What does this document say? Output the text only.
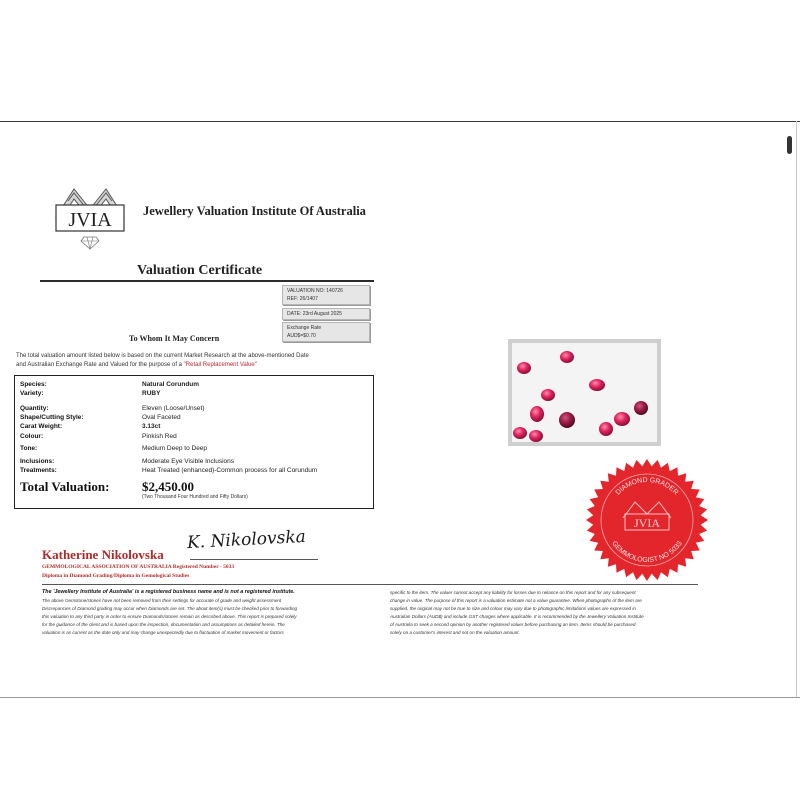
JVIA	Jewellery Valuation Institute Of Australia
Valuation Certificate
VALUATION NO: 140726
REF: 26/1407
DATE: 23rd August 2025
Exchange Rate
AUD$=$0.70
To Whom It May Concern
The total valuation amount listed below is based on the current Market Research at the above-mentioned Date
and Australian Exchange Rate and Valued for the purpose of a "Retail Replacement Value"
Species:	Natural Corundum
Variety:	RUBY
Quantity:	Eleven (Loose/Unset)
Shape/Cutting Style:	Oval Faceted
Carat Weight:	3.13ct
Colour:	Pinkish Red
Tone:	Medium Deep to Deep
Inclusions:	Moderate Eye Visible Inclusions
Treatments:	Heat Treated (enhanced)-Common process for all Corundum
Total Valuation:	$2,450.00
(Two Thousand Four Hundred and Fifty Dollars)
DIAMOND GRADER
GEMMOLOGIST NO 5033
JVIA
Katherine Nikolovska
K. Nikolovska
GEMMOLOGICAL ASSOCIATION OF AUSTRALIA Registered Number - 5033
Diploma in Diamond Grading/Diploma in Gemological Studies
The 'Jewellery Institute of Australia' is a registered business name and is not a registered institute.
The above Gemstone/stones have not been removed from their settings for accurate of grade and weight assessment
Discrepancies of Diamond grading may occur when Diamonds are set. The about item(s) must be checked prior to forwarding
this valuation to any third party in order to ensure Diamonds/stones remain as described above. This report is prepared solely
for the guidance of the client and is based upon the inspection, documentation and assumptions as detailed herein. The
valuation is as current as the date only and may change unexpectedly due to fluctuation of market movement or factors
specific to the item. The valuer cannot accept any liability for losses due to reliance on this report and for any subsequent
change in value. The purpose of this report is a valuation estimate not a value guarantee. When photographs of the item are
supplied, the original may not be true to size and colour may vary due to photographic limitations values are expressed in
Australian Dollars (AUD$) and include GST charges where applicable. It is recommended by the Jewellery Valuation Institute
of Australia to seek a second opinion by another registered valuer before purchasing an item. Items should be purchased
solely on a customer's interest and not on the valuation amount.
